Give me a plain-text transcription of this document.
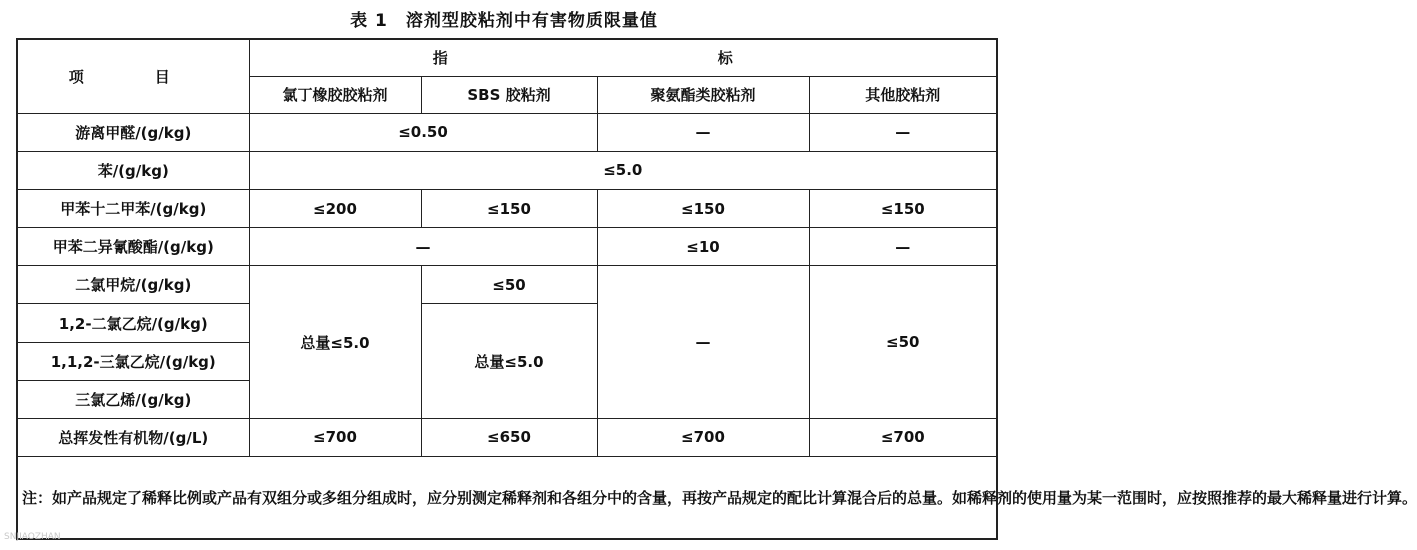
表 1　溶剂型胶粘剂中有害物质限量值
项　目	指　　标			
	氯丁橡胶胶粘剂	SBS 胶粘剂	聚氨酯类胶粘剂	其他胶粘剂
游离甲醛/(g/kg)	≤0.50		—	—
苯/(g/kg)	≤5.0			
甲苯十二甲苯/(g/kg)	≤200	≤150	≤150	≤150
甲苯二异氰酸酯/(g/kg)	—		≤10	—
二氯甲烷/(g/kg)	总量≤5.0	≤50	—	≤50
1,2-二氯乙烷/(g/kg)		总量≤5.0		
1,1,2-三氯乙烷/(g/kg)				
三氯乙烯/(g/kg)				
总挥发性有机物/(g/L)	≤700	≤650	≤700	≤700
注：如产品规定了稀释比例或产品有双组分或多组分组成时，应分别测定稀释剂和各组分中的含量，再按产品规定的配比计算混合后的总量。如稀释剂的使用量为某一范围时，应按照推荐的最大稀释量进行计算。				
SNJIAOZHAN
